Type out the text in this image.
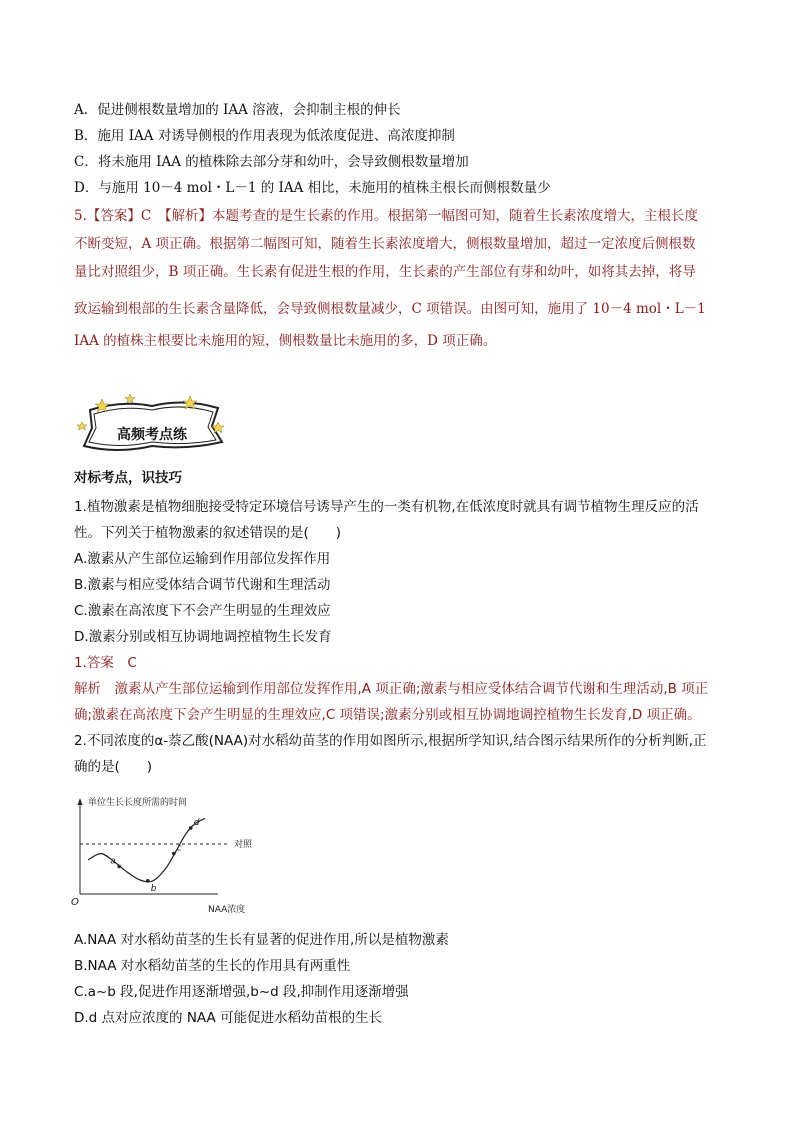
A．促进侧根数量增加的 IAA 溶液，会抑制主根的伸长
B．施用 IAA 对诱导侧根的作用表现为低浓度促进、高浓度抑制
C．将未施用 IAA 的植株除去部分芽和幼叶，会导致侧根数量增加
D．与施用 10－4 mol・L－1 的 IAA 相比，未施用的植株主根长而侧根数量少
5.【答案】C　【解析】本题考查的是生长素的作用。根据第一幅图可知，随着生长素浓度增大，主根长度
不断变短，A 项正确。根据第二幅图可知，随着生长素浓度增大，侧根数量增加，超过一定浓度后侧根数
量比对照组少，B 项正确。生长素有促进生根的作用，生长素的产生部位有芽和幼叶，如将其去掉，将导
致运输到根部的生长素含量降低，会导致侧根数量减少，C 项错误。由图可知，施用了 10－4 mol・L－1
IAA 的植株主根要比未施用的短，侧根数量比未施用的多，D 项正确。
高频考点练
对标考点，识技巧
1.植物激素是植物细胞接受特定环境信号诱导产生的一类有机物,在低浓度时就具有调节植物生理反应的活
性。下列关于植物激素的叙述错误的是(　　)
A.激素从产生部位运输到作用部位发挥作用
B.激素与相应受体结合调节代谢和生理活动
C.激素在高浓度下不会产生明显的生理效应
D.激素分别或相互协调地调控植物生长发育
1.答案　C
解析　激素从产生部位运输到作用部位发挥作用,A 项正确;激素与相应受体结合调节代谢和生理活动,B 项正
确;激素在高浓度下会产生明显的生理效应,C 项错误;激素分别或相互协调地调控植物生长发育,D 项正确。
2.不同浓度的α-萘乙酸(NAA)对水稻幼苗茎的作用如图所示,根据所学知识,结合图示结果所作的分析判断,正
确的是(　　)
单位生长长度所需的时间
NAA浓度
O
对照
a
b
c
d
A.NAA 对水稻幼苗茎的生长有显著的促进作用,所以是植物激素
B.NAA 对水稻幼苗茎的生长的作用具有两重性
C.a~b 段,促进作用逐渐增强,b~d 段,抑制作用逐渐增强
D.d 点对应浓度的 NAA 可能促进水稻幼苗根的生长
